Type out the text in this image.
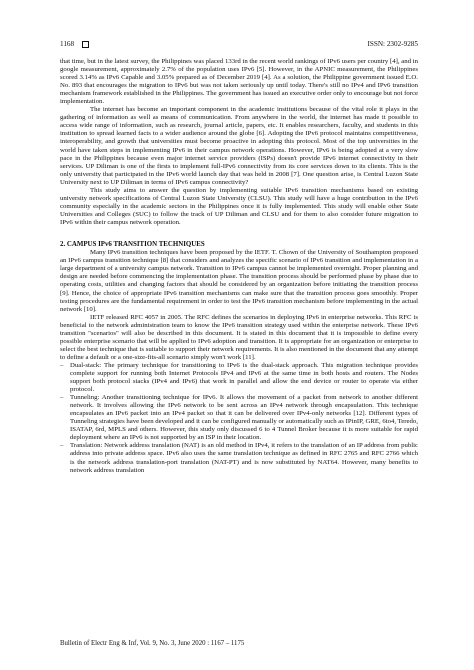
1168	ISSN: 2302-9285

that time, but in the latest survey, the Philippines was placed 133rd in the recent world rankings of IPv6 users per country [4], and in google measurement, approximately 2.7% of the population uses IPv6 [5]. However, in the APNIC measurement, the Philippines scored 3.14% as IPv6 Capable and 3.05% prepared as of December 2019 [4]. As a solution, the Philippine government issued E.O. No. 893 that encourages the migration to IPv6 but was not taken seriously up until today. There's still no IPv4 and IPv6 transition mechanism framework established in the Philippines. The government has issued an executive order only to encourage but not force implementation.

The internet has become an important component in the academic institutions because of the vital role it plays in the gathering of information as well as means of communication. From anywhere in the world, the internet has made it possible to access wide range of information, such as research, journal article, papers, etc. It enables researchers, faculty, and students in this institution to spread learned facts to a wider audience around the globe [6]. Adopting the IPv6 protocol maintains competitiveness, interoperability, and growth that universities must become proactive in adopting this protocol. Most of the top universities in the world have taken steps in implementing IPv6 in their campus network operations. However, IPv6 is being adopted at a very slow pace in the Philippines because even major internet service providers (ISPs) doesn't provide IPv6 internet connectivity in their services. UP Diliman is one of the firsts to implement full-IPv6 connectivity from its core services down to its clients. This is the only university that participated in the IPv6 world launch day that was held in 2008 [7]. One question arise, is Central Luzon State University next to UP Diliman in terms of IPv6 campus connectivity?

This study aims to answer the question by implementing suitable IPv6 transition mechanisms based on existing university network specifications of Central Luzon State University (CLSU). This study will have a huge contribution in the IPv6 community especially in the academic sectors in the Philippines once it is fully implemented. This study will enable other State Universities and Colleges (SUC) to follow the track of UP Diliman and CLSU and for them to also consider future migration to IPv6 within their campus network operation.

2. CAMPUS IPv6 TRANSITION TECHNIQUES

Many IPv6 transition techniques have been proposed by the IETF. T. Chown of the University of Southampton proposed an IPv6 campus transition technique [8] that considers and analyzes the specific scenario of IPv6 transition and implementation in a large department of a university campus network. Transition to IPv6 campus cannot be implemented overnight. Proper planning and design are needed before commencing the implementation phase. The transition process should be performed phase by phase due to operating costs, utilities and changing factors that should be considered by an organization before initiating the transition process [9]. Hence, the choice of appropriate IPv6 transition mechanisms can make sure that the transition process goes smoothly. Proper testing procedures are the fundamental requirement in order to test the IPv6 transition mechanism before implementing in the actual network [10].

IETF released RFC 4057 in 2005. The RFC defines the scenarios in deploying IPv6 in enterprise networks. This RFC is beneficial to the network administration team to know the IPv6 transition strategy used within the enterprise network. These IPv6 transition "scenarios" will also be described in this document. It is stated in this document that it is impossible to define every possible enterprise scenario that will be applied to IPv6 adoption and transition. It is appropriate for an organization or enterprise to select the best technique that is suitable to support their network requirements. It is also mentioned in the document that any attempt to define a default or a one-size-fits-all scenario simply won't work [11].

– Dual-stack: The primary technique for transitioning to IPv6 is the dual-stack approach. This migration technique provides complete support for running both Internet Protocols IPv4 and IPv6 at the same time in both hosts and routers. The Nodes support both protocol stacks (IPv4 and IPv6) that work in parallel and allow the end device or router to operate via either protocol.
– Tunneling: Another transitioning technique for IPv6. It allows the movement of a packet from network to another different network. It involves allowing the IPv6 network to be sent across an IPv4 network through encapsulation. This technique encapsulates an IPv6 packet into an IPv4 packet so that it can be delivered over IPv4-only networks [12]. Different types of Tunneling strategies have been developed and it can be configured manually or automatically such as IPinIP, GRE, 6to4, Teredo, ISATAP, 6rd, MPLS and others. However, this study only discussed 6 to 4 Tunnel Broker because it is more suitable for rapid deployment where an IPv6 is not supported by an ISP in their location.
– Translation: Network address translation (NAT) is an old method in IPv4, it refers to the translation of an IP address from public address into private address space. IPv6 also uses the same translation technique as defined in RFC 2765 and RFC 2766 which is the network address translation-port translation (NAT-PT) and is now substituted by NAT64. However, many benefits to network address translation
Bulletin of Electr Eng & Inf, Vol. 9, No. 3, June 2020 : 1167 – 1175
